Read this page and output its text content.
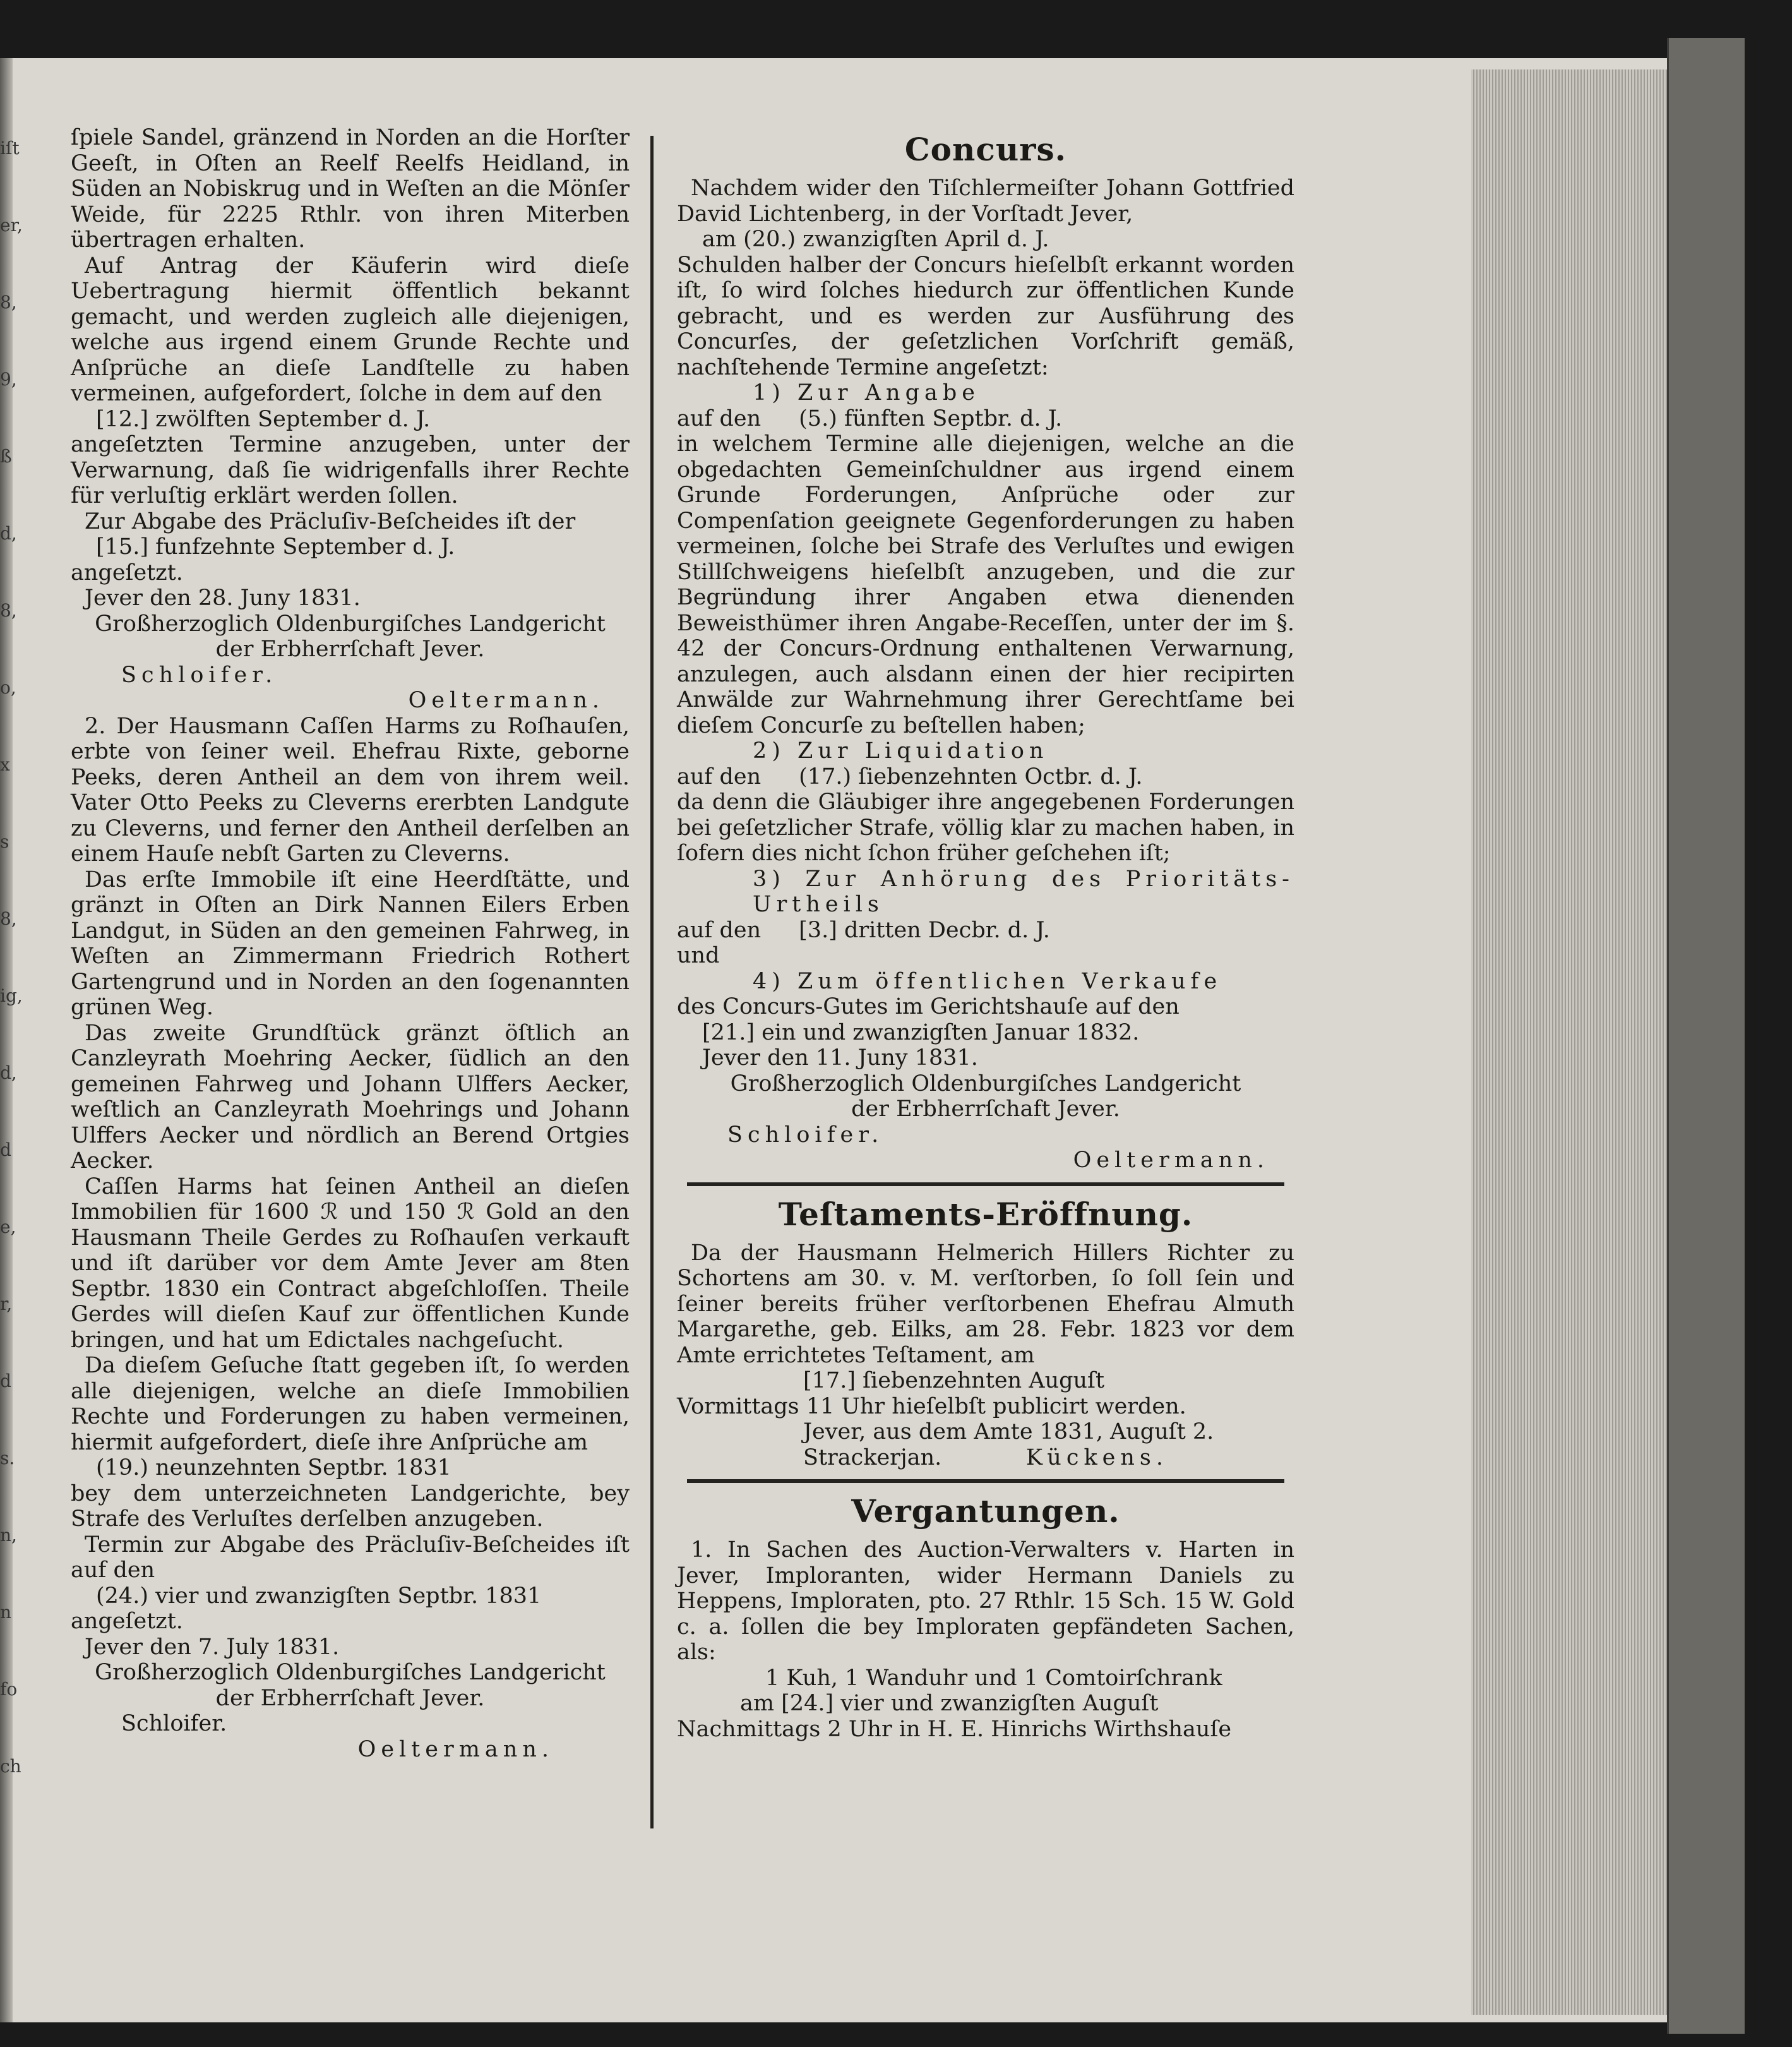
iſt
er,
8,
9,
ß
d,
8,
o,
x
s
8,
ig,
d,
d
e,
r,
d
s.
n,
n
fo
ch

ſpiele Sandel, gränzend in Norden an die Horſter Geeſt, in Oſten an Reelf Reelfs Heidland, in Süden an Nobiskrug und in Weſten an die Mönſer Weide, für 2225 Rthlr. von ihren Miterben übertragen erhalten.

Auf Antrag der Käuferin wird dieſe Uebertragung hiermit öffentlich bekannt gemacht, und werden zugleich alle diejenigen, welche aus irgend einem Grunde Rechte und Anſprüche an dieſe Landſtelle zu haben vermeinen, aufgefordert, ſolche in dem auf den

[12.] zwölften September d. J.

angeſetzten Termine anzugeben, unter der Verwarnung, daß ſie widrigenfalls ihrer Rechte für verluſtig erklärt werden ſollen.

Zur Abgabe des Präcluſiv-Beſcheides iſt der

[15.] funfzehnte September d. J.

angeſetzt.

Jever den 28. Juny 1831.

Großherzoglich Oldenburgiſches Landgericht

der Erbherrſchaft Jever.

Schloifer.
Oeltermann.

2. Der Hausmann Caſſen Harms zu Roſhauſen, erbte von ſeiner weil. Ehefrau Rixte, geborne Peeks, deren Antheil an dem von ihrem weil. Vater Otto Peeks zu Cleverns ererbten Landgute zu Cleverns, und ferner den Antheil derſelben an einem Hauſe nebſt Garten zu Cleverns.

Das erſte Immobile iſt eine Heerdſtätte, und gränzt in Oſten an Dirk Nannen Eilers Erben Landgut, in Süden an den gemeinen Fahrweg, in Weſten an Zimmermann Friedrich Rothert Gartengrund und in Norden an den ſogenannten grünen Weg.

Das zweite Grundſtück gränzt öſtlich an Canzleyrath Moehring Aecker, ſüdlich an den gemeinen Fahrweg und Johann Ulffers Aecker, weſtlich an Canzleyrath Moehrings und Johann Ulffers Aecker und nördlich an Berend Ortgies Aecker.

Caſſen Harms hat ſeinen Antheil an dieſen Immobilien für 1600 ℛ und 150 ℛ Gold an den Hausmann Theile Gerdes zu Roſhauſen verkauft und iſt darüber vor dem Amte Jever am 8ten Septbr. 1830 ein Contract abgeſchloſſen. Theile Gerdes will dieſen Kauf zur öffentlichen Kunde bringen, und hat um Edictales nachgeſucht.

Da dieſem Geſuche ſtatt gegeben iſt, ſo werden alle diejenigen, welche an dieſe Immobilien Rechte und Forderungen zu haben vermeinen, hiermit aufgefordert, dieſe ihre Anſprüche am

(19.) neunzehnten Septbr. 1831

bey dem unterzeichneten Landgerichte, bey Strafe des Verluſtes derſelben anzugeben.

Termin zur Abgabe des Präcluſiv-Beſcheides iſt auf den

(24.) vier und zwanzigſten Septbr. 1831

angeſetzt.

Jever den 7. July 1831.

Großherzoglich Oldenburgiſches Landgericht

der Erbherrſchaft Jever.

Schloifer.
Oeltermann.
Concurs.

Nachdem wider den Tiſchlermeiſter Johann Gottfried David Lichtenberg, in der Vorſtadt Jever,

am (20.) zwanzigſten April d. J.

Schulden halber der Concurs hieſelbſt erkannt worden iſt, ſo wird ſolches hiedurch zur öffentlichen Kunde gebracht, und es werden zur Ausführung des Concurſes, der geſetzlichen Vorſchrift gemäß, nachſtehende Termine angeſetzt:

1) Zur Angabe

auf den (5.) fünften Septbr. d. J.

in welchem Termine alle diejenigen, welche an die obgedachten Gemeinſchuldner aus irgend einem Grunde Forderungen, Anſprüche oder zur Compenſation geeignete Gegenforderungen zu haben vermeinen, ſolche bei Strafe des Verluſtes und ewigen Stillſchweigens hieſelbſt anzugeben, und die zur Begründung ihrer Angaben etwa dienenden Beweisthümer ihren Angabe-Receſſen, unter der im §. 42 der Concurs-Ordnung enthaltenen Verwarnung, anzulegen, auch alsdann einen der hier recipirten Anwälde zur Wahrnehmung ihrer Gerechtſame bei dieſem Concurſe zu beſtellen haben;

2) Zur Liquidation

auf den (17.) ſiebenzehnten Octbr. d. J.

da denn die Gläubiger ihre angegebenen Forderungen bei geſetzlicher Strafe, völlig klar zu machen haben, in ſofern dies nicht ſchon früher geſchehen iſt;

3) Zur Anhörung des Prioritäts-Urtheils

auf den [3.] dritten Decbr. d. J.

und

4) Zum öffentlichen Verkaufe

des Concurs-Gutes im Gerichtshauſe auf den

[21.] ein und zwanzigſten Januar 1832.

Jever den 11. Juny 1831.

Großherzoglich Oldenburgiſches Landgericht

der Erbherrſchaft Jever.

Schloifer.
Oeltermann.
Teſtaments-Eröffnung.

Da der Hausmann Helmerich Hillers Richter zu Schortens am 30. v. M. verſtorben, ſo ſoll ſein und ſeiner bereits früher verſtorbenen Ehefrau Almuth Margarethe, geb. Eilks, am 28. Febr. 1823 vor dem Amte errichtetes Teſtament, am

[17.] ſiebenzehnten Auguſt

Vormittags 11 Uhr hieſelbſt publicirt werden.

Jever, aus dem Amte 1831, Auguſt 2.

Strackerjan.	Kückens.
Vergantungen.

1. In Sachen des Auction-Verwalters v. Harten in Jever, Imploranten, wider Hermann Daniels zu Heppens, Imploraten, pto. 27 Rthlr. 15 Sch. 15 W. Gold c. a. ſollen die bey Imploraten gepfändeten Sachen, als:

1 Kuh, 1 Wanduhr und 1 Comtoirſchrank

am [24.] vier und zwanzigſten Auguſt

Nachmittags 2 Uhr in H. E. Hinrichs Wirthshauſe
